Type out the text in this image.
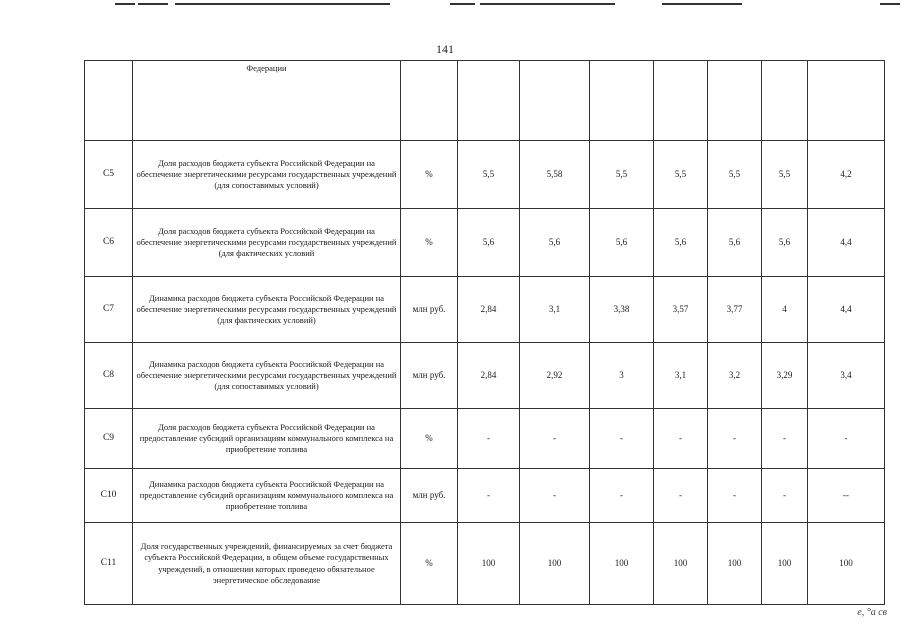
141
	Федерации								
С5	Доля расходов бюджета субъекта Российской Федерации на обеспечение энергетическими ресурсами государственных учреждений (для сопоставимых условий)	%	5,5	5,58	5,5	5,5	5,5	5,5	4,2
С6	Доля расходов бюджета субъекта Российской Федерации на обеспечение энергетическими ресурсами государственных учреждений (для фактических условий	%	5,6	5,6	5,6	5,6	5,6	5,6	4,4
С7	Динамика расходов бюджета субъекта Российской Федерации на обеспечение энергетическими ресурсами государственных учреждений (для фактических условий)	млн руб.	2,84	3,1	3,38	3,57	3,77	4	4,4
С8	Динамика расходов бюджета субъекта Российской Федерации на обеспечение энергетическими ресурсами государственных учреждений (для сопоставимых условий)	млн руб.	2,84	2,92	3	3,1	3,2	3,29	3,4
С9	Доля расходов бюджета субъекта Российской Федерации на предоставление субсидий организациям коммунального комплекса на приобретение топлива	%	-	-	-	-	-	-	-
С10	Динамика расходов бюджета субъекта Российской Федерации на предоставление субсидий организациям коммунального комплекса на приобретение топлива	млн руб.	-	-	-	-	-	-	--
С11	Доля государственных учреждений, финансируемых за счет бюджета субъекта Российской Федерации, в общем объеме государственных учреждений, в отношении которых проведено обязательное энергетическое обследование	%	100	100	100	100	100	100	100
е, °а св
